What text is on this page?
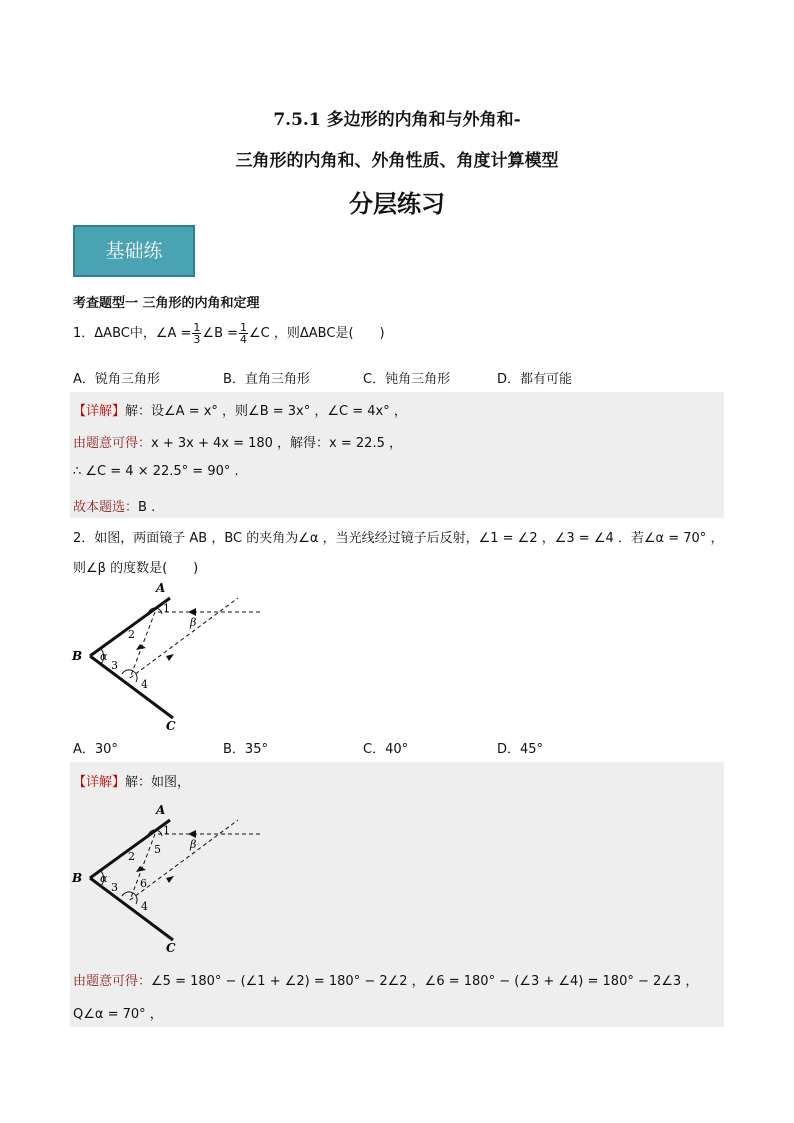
7.5.1 多边形的内角和与外角和-
三角形的内角和、外角性质、角度计算模型
分层练习
基础练
考查题型一 三角形的内角和定理
1．ΔABC中，∠A = $\frac{1}{3}$ ∠B = $\frac{1}{4}$ ∠C ，则ΔABC是(　　)
A．锐角三角形	B．直角三角形	C．钝角三角形	D．都有可能
【详解】解：设∠A = x° ，则∠B = 3x° ，∠C = 4x° ，
由题意可得：x + 3x + 4x = 180 ，解得：x = 22.5 ，
∴ ∠C = 4 × 22.5° = 90° .
故本题选：B .
2．如图，两面镜子 AB ，BC 的夹角为∠α ，当光线经过镜子后反射，∠1 = ∠2 ，∠3 = ∠4 ．若∠α = 70° ，
则∠β 的度数是(　　)
A
B
C
1
2
3
4
α
β
A．30°	B．35°	C．40°	D．45°
【详解】解：如图，
A
B
C
1
5
2
3 6
4
α
β
由题意可得：∠5 = 180° − (∠1 + ∠2) = 180° − 2∠2 ，∠6 = 180° − (∠3 + ∠4) = 180° − 2∠3 ，
Q∠α = 70° ，
